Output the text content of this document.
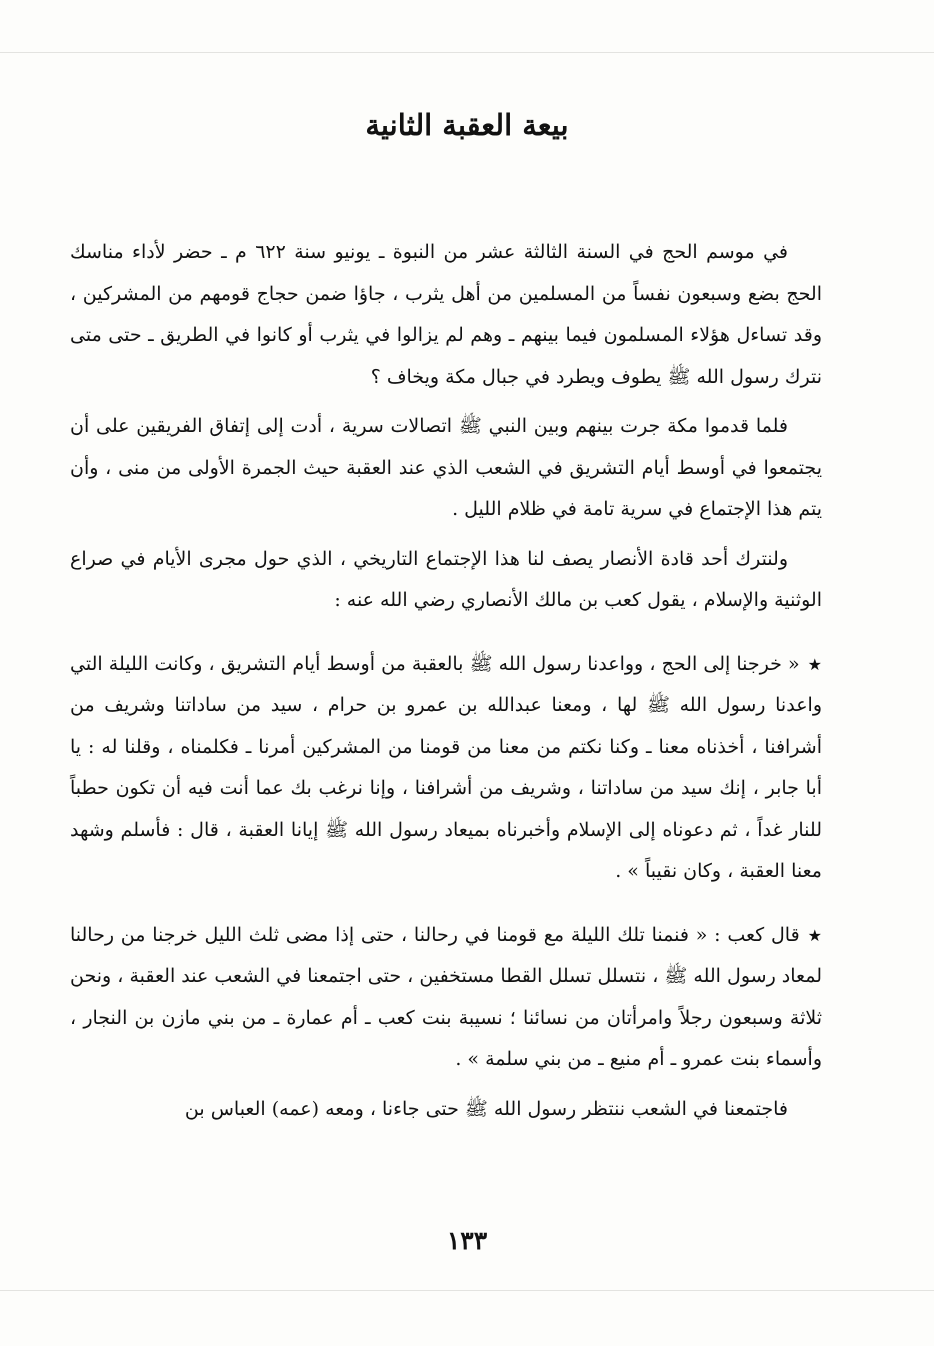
بيعة العقبة الثانية

في موسم الحج في السنة الثالثة عشر من النبوة ـ يونيو سنة ٦٢٢ م ـ حضر لأداء مناسك الحج بضع وسبعون نفساً من المسلمين من أهل يثرب ، جاؤا ضمن حجاج قومهم من المشركين ، وقد تساءل هؤلاء المسلمون فيما بينهم ـ وهم لم يزالوا في يثرب أو كانوا في الطريق ـ حتى متى نترك رسول الله ﷺ يطوف ويطرد في جبال مكة ويخاف ؟

فلما قدموا مكة جرت بينهم وبين النبي ﷺ اتصالات سرية ، أدت إلى إتفاق الفريقين على أن يجتمعوا في أوسط أيام التشريق في الشعب الذي عند العقبة حيث الجمرة الأولى من منى ، وأن يتم هذا الإجتماع في سرية تامة في ظلام الليل .

ولنترك أحد قادة الأنصار يصف لنا هذا الإجتماع التاريخي ، الذي حول مجرى الأيام في صراع الوثنية والإسلام ، يقول كعب بن مالك الأنصاري رضي الله عنه :

★« خرجنا إلى الحج ، وواعدنا رسول الله ﷺ بالعقبة من أوسط أيام التشريق ، وكانت الليلة التي واعدنا رسول الله ﷺ لها ، ومعنا عبدالله بن عمرو بن حرام ، سيد من ساداتنا وشريف من أشرافنا ، أخذناه معنا ـ وكنا نكتم من معنا من قومنا من المشركين أمرنا ـ فكلمناه ، وقلنا له : يا أبا جابر ، إنك سيد من ساداتنا ، وشريف من أشرافنا ، وإنا نرغب بك عما أنت فيه أن تكون حطباً للنار غداً ، ثم دعوناه إلى الإسلام وأخبرناه بميعاد رسول الله ﷺ إيانا العقبة ، قال : فأسلم وشهد معنا العقبة ، وكان نقيباً » .

★قال كعب : « فنمنا تلك الليلة مع قومنا في رحالنا ، حتى إذا مضى ثلث الليل خرجنا من رحالنا لمعاد رسول الله ﷺ ، نتسلل تسلل القطا مستخفين ، حتى اجتمعنا في الشعب عند العقبة ، ونحن ثلاثة وسبعون رجلاً وامرأتان من نسائنا ؛ نسيبة بنت كعب ـ أم عمارة ـ من بني مازن بن النجار ، وأسماء بنت عمرو ـ أم منيع ـ من بني سلمة » .

فاجتمعنا في الشعب ننتظر رسول الله ﷺ حتى جاءنا ، ومعه (عمه) العباس بن

١٣٣
